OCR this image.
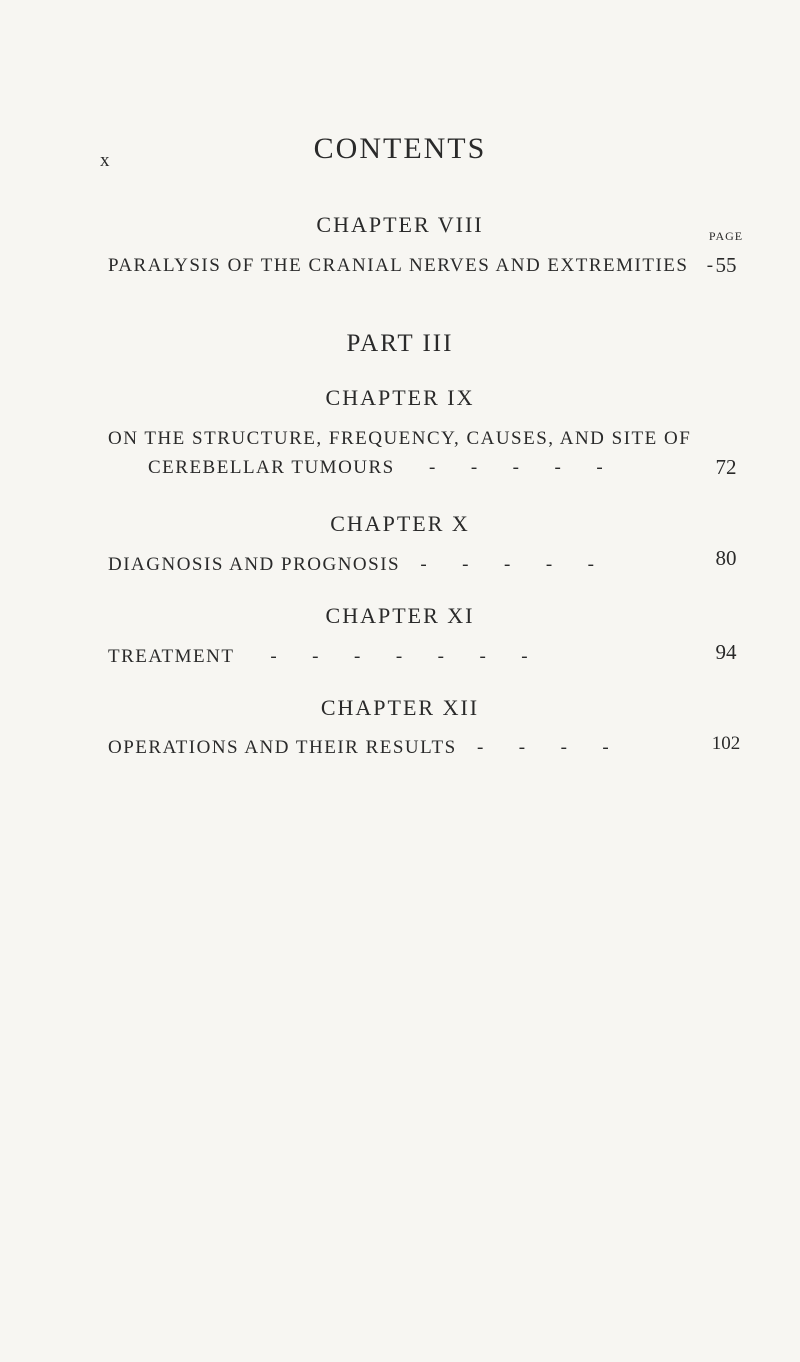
x	CONTENTS
CHAPTER VIII	PAGE
PARALYSIS OF THE CRANIAL NERVES AND EXTREMITIES - 55
PART III
CHAPTER IX
ON THE STRUCTURE, FREQUENCY, CAUSES, AND SITE OF
CEREBELLAR TUMOURS -      -      -      -      -	72
CHAPTER X
DIAGNOSIS AND PROGNOSIS -      -      -      -      -	80
CHAPTER XI
TREATMENT -      -      -      -      -      -      -	94
CHAPTER XII
OPERATIONS AND THEIR RESULTS -      -      -      -	102
